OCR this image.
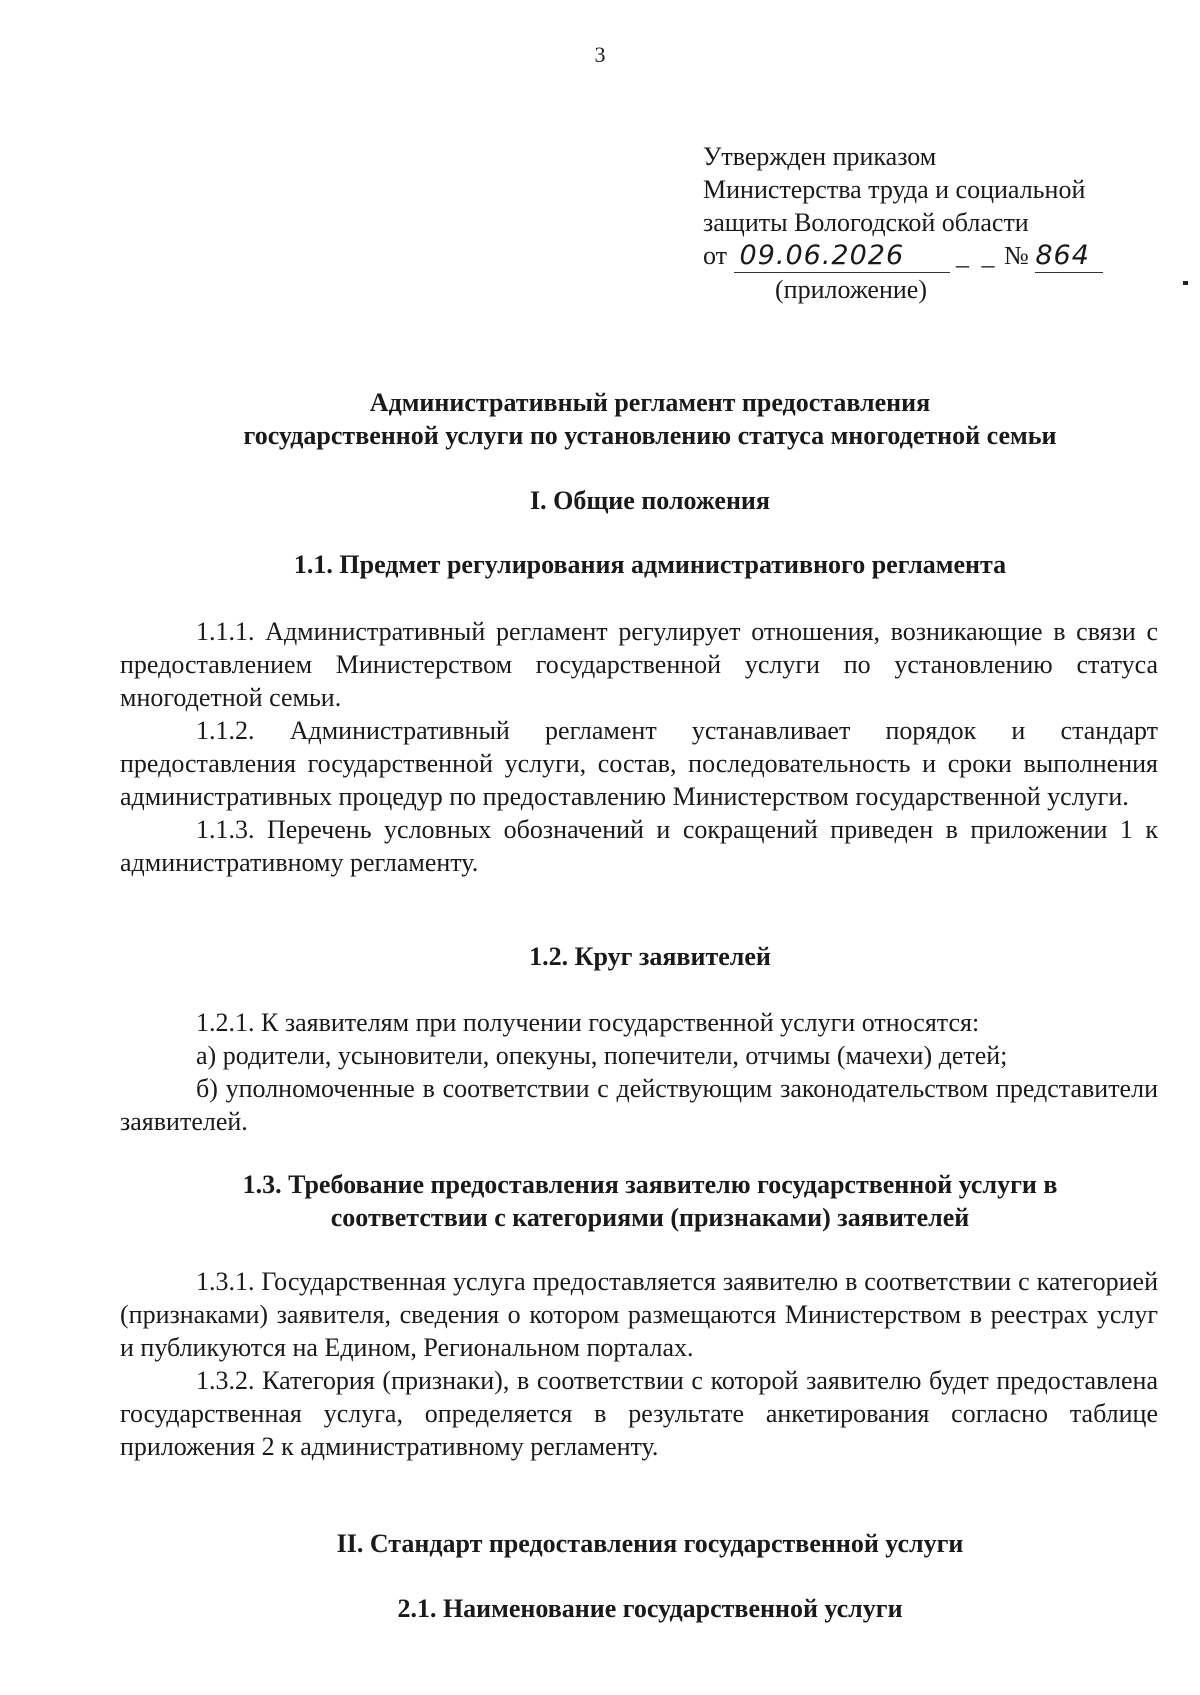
3
Утвержден приказом
Министерства труда и социальной
защиты Вологодской области
от 09.06.2026 _ _ № 864
(приложение)
Административный регламент предоставления
государственной услуги по установлению статуса многодетной семьи
I. Общие положения
1.1. Предмет регулирования административного регламента

1.1.1. Административный регламент регулирует отношения, возникающие в связи с предоставлением Министерством государственной услуги по установлению статуса многодетной семьи.

1.1.2. Административный регламент устанавливает порядок и стандарт предоставления государственной услуги, состав, последовательность и сроки выполнения административных процедур по предоставлению Министерством государственной услуги.

1.1.3. Перечень условных обозначений и сокращений приведен в приложении 1 к административному регламенту.

1.2. Круг заявителей

1.2.1. К заявителям при получении государственной услуги относятся:

а) родители, усыновители, опекуны, попечители, отчимы (мачехи) детей;

б) уполномоченные в соответствии с действующим законодательством представители заявителей.

1.3. Требование предоставления заявителю государственной услуги в
соответствии с категориями (признаками) заявителей

1.3.1. Государственная услуга предоставляется заявителю в соответствии с категорией (признаками) заявителя, сведения о котором размещаются Министерством в реестрах услуг и публикуются на Едином, Региональном порталах.

1.3.2. Категория (признаки), в соответствии с которой заявителю будет предоставлена государственная услуга, определяется в результате анкетирования согласно таблице приложения 2 к административному регламенту.

II. Стандарт предоставления государственной услуги
2.1. Наименование государственной услуги
